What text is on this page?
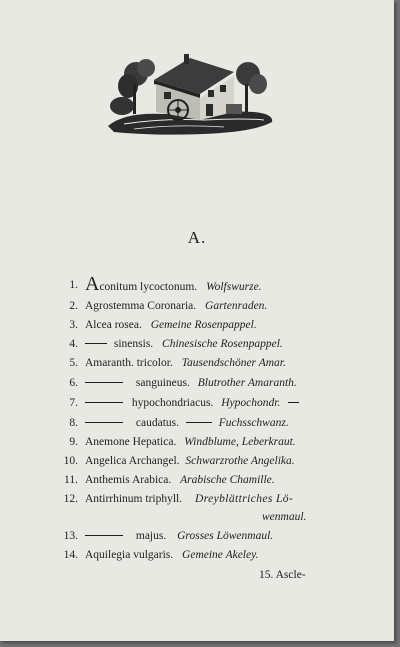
A.
1. Aconitum lycoctonum. Wolfswurze.
2. Agrostemma Coronaria. Gartenraden.
3. Alcea rosea. Gemeine Rosenpappel.
4.	sinensis. Chinesische Rosenpappel.
5. Amaranth. tricolor. Tausendschöner Amar.
6.	sanguineus. Blutrother Amaranth.
7.	hypochondriacus. Hypochondr.
8.	caudatus.	Fuchsschwanz.
9. Anemone Hepatica. Windblume, Leberkraut.
10. Angelica Archangel. Schwarzrothe Angelika.
11. Anthemis Arabica. Arabische Chamille.
12. Antirrhinum triphyll. Dreyblättriches Lö-
wenmaul.
13.	majus. Grosses Löwenmaul.
14. Aquilegia vulgaris. Gemeine Akeley.
15. Ascle-
